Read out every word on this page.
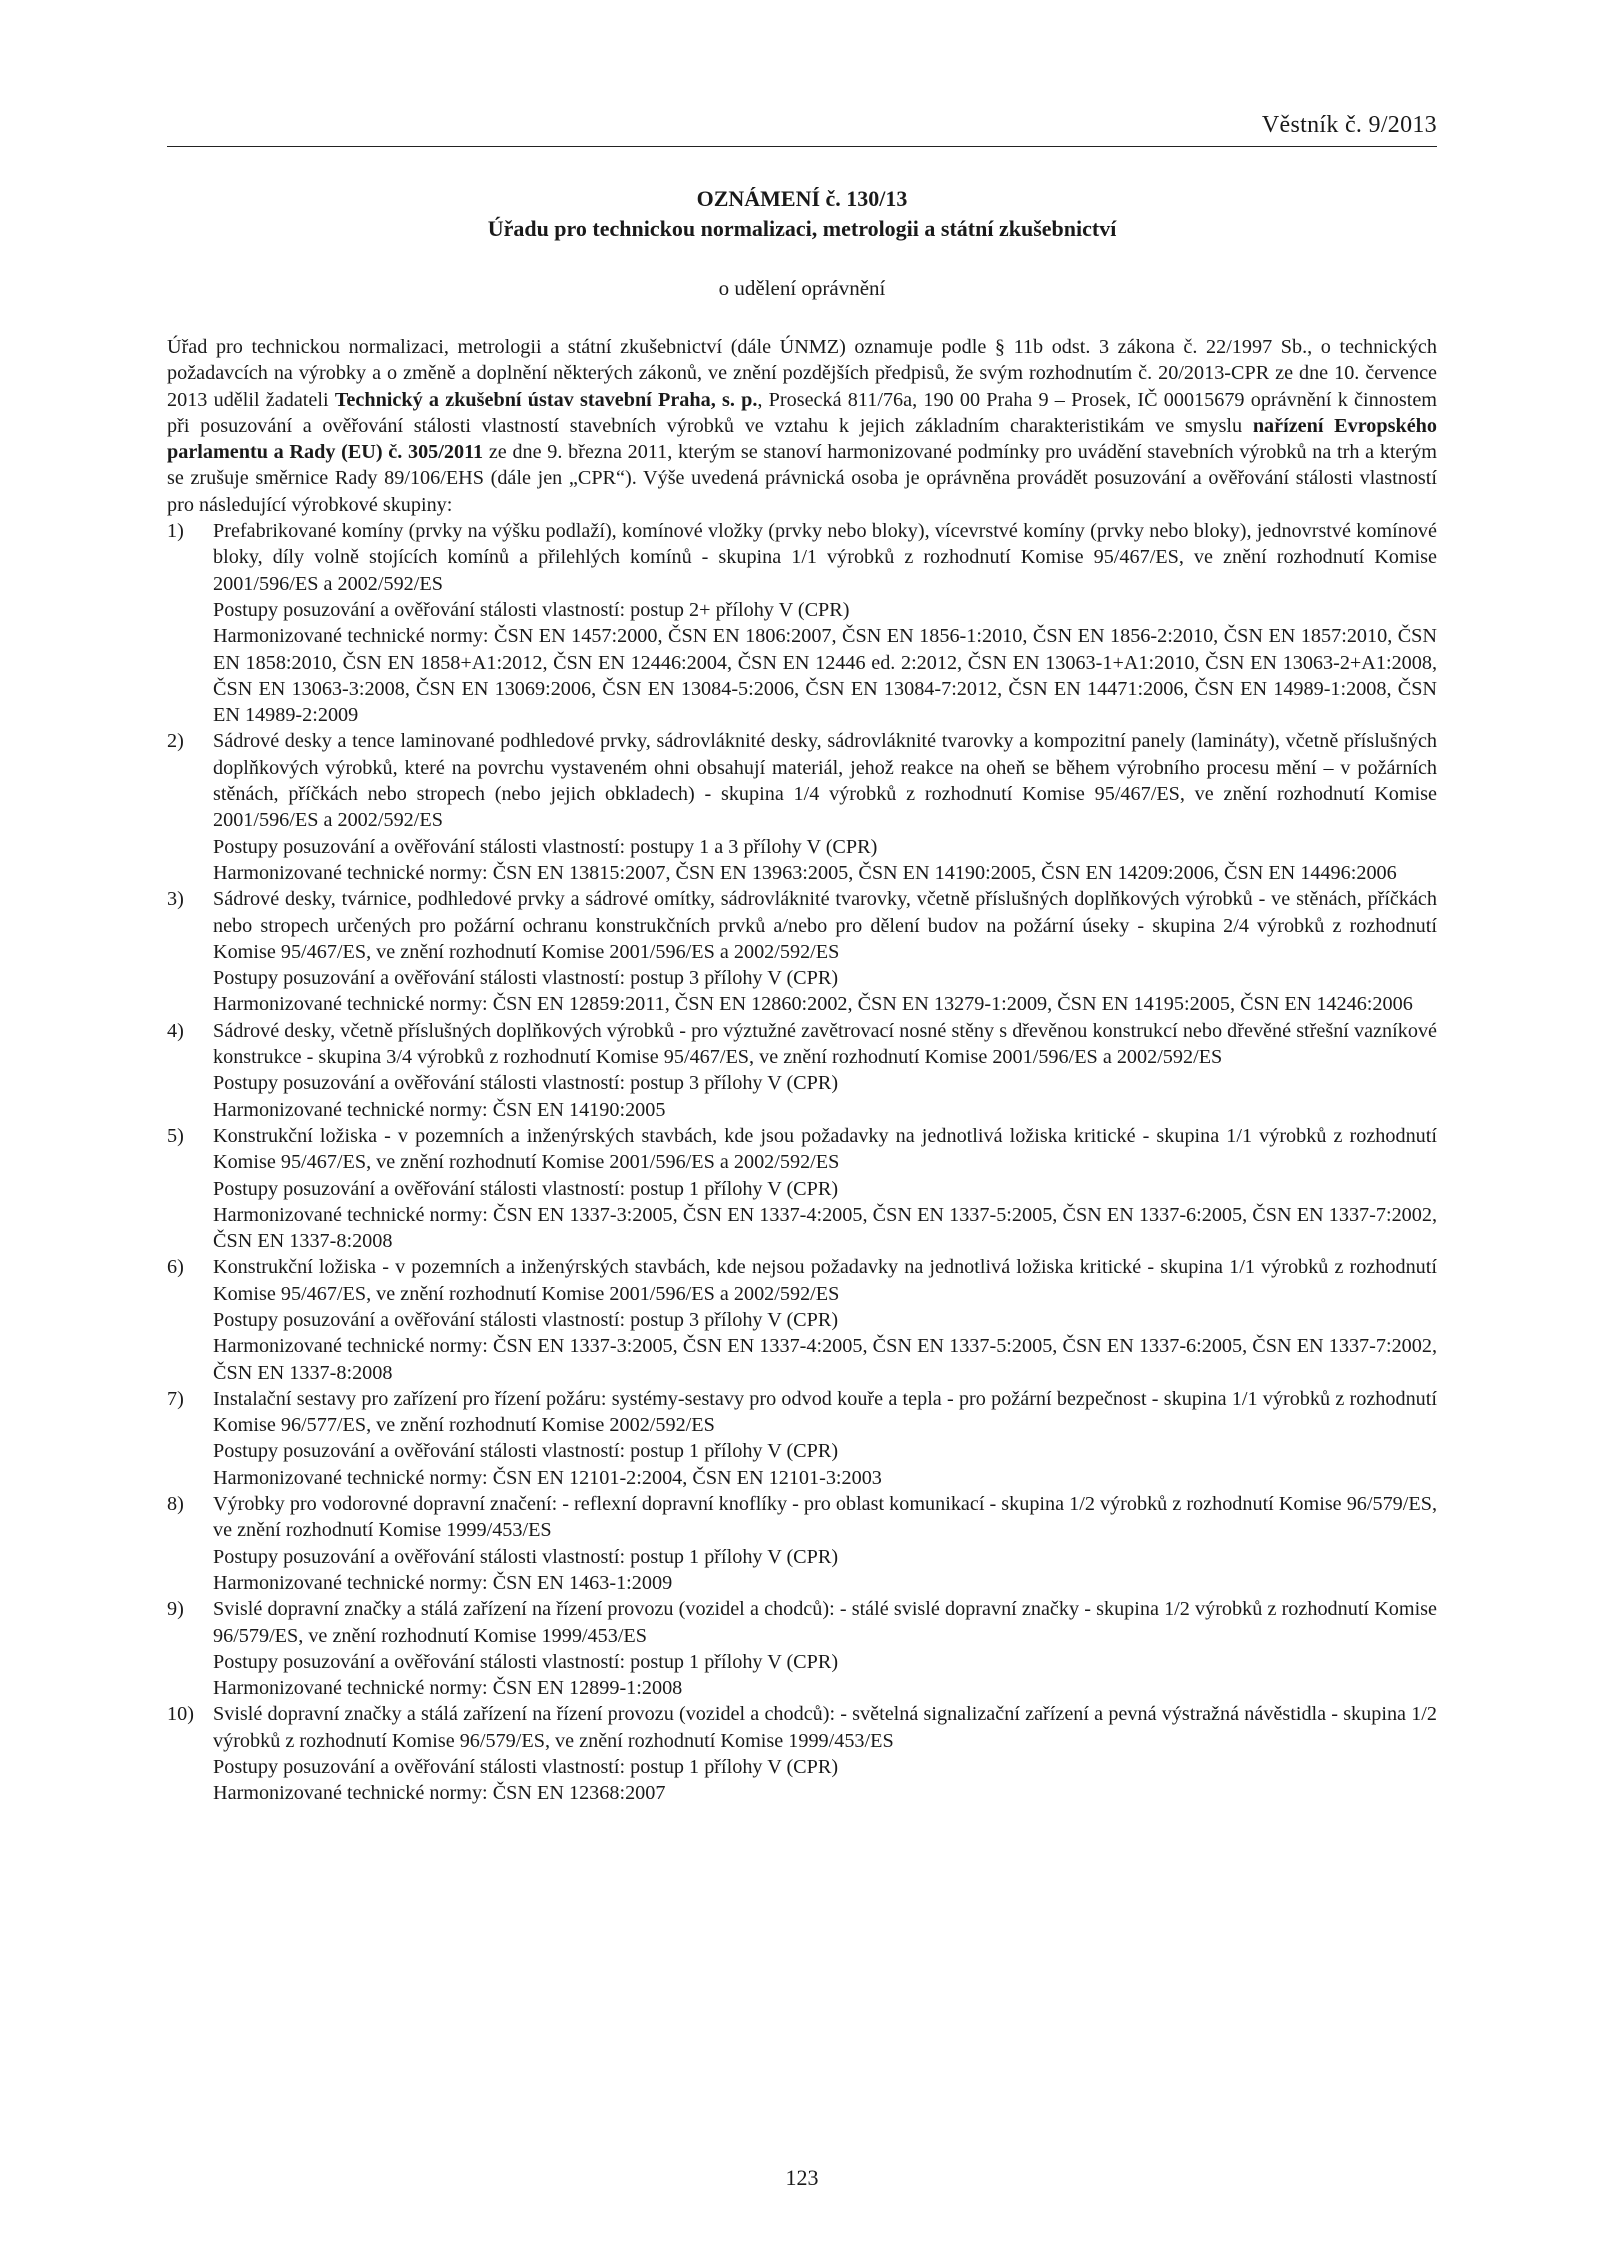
Věstník č. 9/2013
OZNÁMENÍ č. 130/13
Úřadu pro technickou normalizaci, metrologii a státní zkušebnictví
o udělení oprávnění

Úřad pro technickou normalizaci, metrologii a státní zkušebnictví (dále ÚNMZ) oznamuje podle § 11b odst. 3 zákona č. 22/1997 Sb., o technických požadavcích na výrobky a o změně a doplnění některých zákonů, ve znění pozdějších předpisů, že svým rozhodnutím č. 20/2013-CPR ze dne 10. července 2013 udělil žadateli Technický a zkušební ústav stavební Praha, s. p., Prosecká 811/76a, 190 00 Praha 9 – Prosek, IČ 00015679 oprávnění k činnostem při posuzování a ověřování stálosti vlastností stavebních výrobků ve vztahu k jejich základním charakteristikám ve smyslu nařízení Evropského parlamentu a Rady (EU) č. 305/2011 ze dne 9. března 2011, kterým se stanoví harmonizované podmínky pro uvádění stavebních výrobků na trh a kterým se zrušuje směrnice Rady 89/106/EHS (dále jen „CPR“). Výše uvedená právnická osoba je oprávněna provádět posuzování a ověřování stálosti vlastností pro následující výrobkové skupiny:

1) Prefabrikované komíny (prvky na výšku podlaží), komínové vložky (prvky nebo bloky), vícevrstvé komíny (prvky nebo bloky), jednovrstvé komínové bloky, díly volně stojících komínů a přilehlých komínů - skupina 1/1 výrobků z rozhodnutí Komise 95/467/ES, ve znění rozhodnutí Komise 2001/596/ES a 2002/592/ES
Postupy posuzování a ověřování stálosti vlastností: postup 2+ přílohy V (CPR)
Harmonizované technické normy: ČSN EN 1457:2000, ČSN EN 1806:2007, ČSN EN 1856-1:2010, ČSN EN 1856-2:2010, ČSN EN 1857:2010, ČSN EN 1858:2010, ČSN EN 1858+A1:2012, ČSN EN 12446:2004, ČSN EN 12446 ed. 2:2012, ČSN EN 13063-1+A1:2010, ČSN EN 13063-2+A1:2008, ČSN EN 13063-3:2008, ČSN EN 13069:2006, ČSN EN 13084-5:2006, ČSN EN 13084-7:2012, ČSN EN 14471:2006, ČSN EN 14989-1:2008, ČSN EN 14989-2:2009
2) Sádrové desky a tence laminované podhledové prvky, sádrovláknité desky, sádrovláknité tvarovky a kompozitní panely (lamináty), včetně příslušných doplňkových výrobků, které na povrchu vystaveném ohni obsahují materiál, jehož reakce na oheň se během výrobního procesu mění – v požárních stěnách, příčkách nebo stropech (nebo jejich obkladech) - skupina 1/4 výrobků z rozhodnutí Komise 95/467/ES, ve znění rozhodnutí Komise 2001/596/ES a 2002/592/ES
Postupy posuzování a ověřování stálosti vlastností: postupy 1 a 3 přílohy V (CPR)
Harmonizované technické normy: ČSN EN 13815:2007, ČSN EN 13963:2005, ČSN EN 14190:2005, ČSN EN 14209:2006, ČSN EN 14496:2006
3) Sádrové desky, tvárnice, podhledové prvky a sádrové omítky, sádrovláknité tvarovky, včetně příslušných doplňkových výrobků - ve stěnách, příčkách nebo stropech určených pro požární ochranu konstrukčních prvků a/nebo pro dělení budov na požární úseky - skupina 2/4 výrobků z rozhodnutí Komise 95/467/ES, ve znění rozhodnutí Komise 2001/596/ES a 2002/592/ES
Postupy posuzování a ověřování stálosti vlastností: postup 3 přílohy V (CPR)
Harmonizované technické normy: ČSN EN 12859:2011, ČSN EN 12860:2002, ČSN EN 13279-1:2009, ČSN EN 14195:2005, ČSN EN 14246:2006
4) Sádrové desky, včetně příslušných doplňkových výrobků - pro výztužné zavětrovací nosné stěny s dřevěnou konstrukcí nebo dřevěné střešní vazníkové konstrukce - skupina 3/4 výrobků z rozhodnutí Komise 95/467/ES, ve znění rozhodnutí Komise 2001/596/ES a 2002/592/ES
Postupy posuzování a ověřování stálosti vlastností: postup 3 přílohy V (CPR)
Harmonizované technické normy: ČSN EN 14190:2005
5) Konstrukční ložiska - v pozemních a inženýrských stavbách, kde jsou požadavky na jednotlivá ložiska kritické - skupina 1/1 výrobků z rozhodnutí Komise 95/467/ES, ve znění rozhodnutí Komise 2001/596/ES a 2002/592/ES
Postupy posuzování a ověřování stálosti vlastností: postup 1 přílohy V (CPR)
Harmonizované technické normy: ČSN EN 1337-3:2005, ČSN EN 1337-4:2005, ČSN EN 1337-5:2005, ČSN EN 1337-6:2005, ČSN EN 1337-7:2002, ČSN EN 1337-8:2008
6) Konstrukční ložiska - v pozemních a inženýrských stavbách, kde nejsou požadavky na jednotlivá ložiska kritické - skupina 1/1 výrobků z rozhodnutí Komise 95/467/ES, ve znění rozhodnutí Komise 2001/596/ES a 2002/592/ES
Postupy posuzování a ověřování stálosti vlastností: postup 3 přílohy V (CPR)
Harmonizované technické normy: ČSN EN 1337-3:2005, ČSN EN 1337-4:2005, ČSN EN 1337-5:2005, ČSN EN 1337-6:2005, ČSN EN 1337-7:2002, ČSN EN 1337-8:2008
7) Instalační sestavy pro zařízení pro řízení požáru: systémy-sestavy pro odvod kouře a tepla - pro požární bezpečnost - skupina 1/1 výrobků z rozhodnutí Komise 96/577/ES, ve znění rozhodnutí Komise 2002/592/ES
Postupy posuzování a ověřování stálosti vlastností: postup 1 přílohy V (CPR)
Harmonizované technické normy: ČSN EN 12101-2:2004, ČSN EN 12101-3:2003
8) Výrobky pro vodorovné dopravní značení: - reflexní dopravní knoflíky - pro oblast komunikací - skupina 1/2 výrobků z rozhodnutí Komise 96/579/ES, ve znění rozhodnutí Komise 1999/453/ES
Postupy posuzování a ověřování stálosti vlastností: postup 1 přílohy V (CPR)
Harmonizované technické normy: ČSN EN 1463-1:2009
9) Svislé dopravní značky a stálá zařízení na řízení provozu (vozidel a chodců): - stálé svislé dopravní značky - skupina 1/2 výrobků z rozhodnutí Komise 96/579/ES, ve znění rozhodnutí Komise 1999/453/ES
Postupy posuzování a ověřování stálosti vlastností: postup 1 přílohy V (CPR)
Harmonizované technické normy: ČSN EN 12899-1:2008
10) Svislé dopravní značky a stálá zařízení na řízení provozu (vozidel a chodců): - světelná signalizační zařízení a pevná výstražná návěstidla - skupina 1/2 výrobků z rozhodnutí Komise 96/579/ES, ve znění rozhodnutí Komise 1999/453/ES
Postupy posuzování a ověřování stálosti vlastností: postup 1 přílohy V (CPR)
Harmonizované technické normy: ČSN EN 12368:2007
123
